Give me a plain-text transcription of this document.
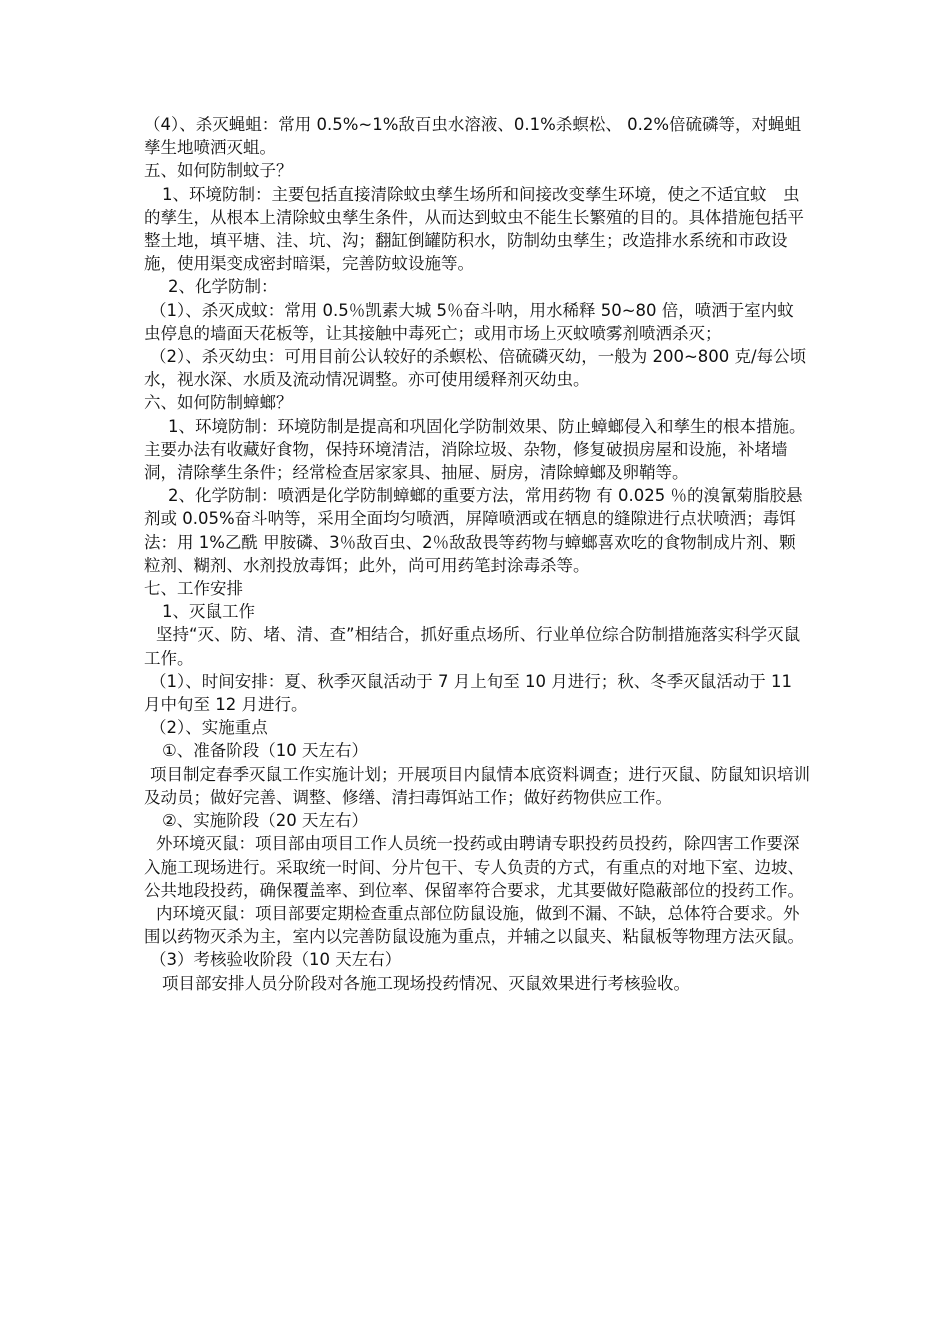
（4）、杀灭蝇蛆：常用 0.5%~1%敌百虫水溶液、0.1%杀螟松、 0.2%倍硫磷等，对蝇蛆孳生地喷洒灭蛆。

五、如何防制蚊子？

1、环境防制：主要包括直接清除蚊虫孳生场所和间接改变孳生环境，使之不适宜蚊　虫的孳生，从根本上清除蚊虫孳生条件，从而达到蚊虫不能生长繁殖的目的。具体措施包括平整土地，填平塘、洼、坑、沟；翻缸倒罐防积水，防制幼虫孳生；改造排水系统和市政设施，使用渠变成密封暗渠，完善防蚊设施等。

2、化学防制：

（1）、杀灭成蚊：常用 0.5％凯素大城 5％奋斗呐，用水稀释 50~80 倍，喷洒于室内蚊虫停息的墙面天花板等，让其接触中毒死亡；或用市场上灭蚊喷雾剂喷洒杀灭；

（2）、杀灭幼虫：可用目前公认较好的杀螟松、倍硫磷灭幼，一般为 200~800 克/每公顷水，视水深、水质及流动情况调整。亦可使用缓释剂灭幼虫。

六、如何防制蟑螂？

1、环境防制：环境防制是提高和巩固化学防制效果、防止蟑螂侵入和孳生的根本措施。主要办法有收藏好食物，保持环境清洁，消除垃圾、杂物，修复破损房屋和设施，补堵墙洞，清除孳生条件；经常检查居家家具、抽屉、厨房，清除蟑螂及卵鞘等。

2、化学防制：喷洒是化学防制蟑螂的重要方法，常用药物 有 0.025 ％的溴氰菊脂胶悬剂或 0.05%奋斗呐等，采用全面均匀喷洒，屏障喷洒或在牺息的缝隙进行点状喷洒；毒饵法：用 1%乙酰 甲胺磷、3％敌百虫、2％敌敌畏等药物与蟑螂喜欢吃的食物制成片剂、颗粒剂、糊剂、水剂投放毒饵；此外，尚可用药笔封涂毒杀等。

七、工作安排

1、灭鼠工作

坚持“灭、防、堵、清、查”相结合，抓好重点场所、行业单位综合防制措施落实科学灭鼠工作。

（1）、时间安排：夏、秋季灭鼠活动于 7 月上旬至 10 月进行；秋、冬季灭鼠活动于 11 月中旬至 12 月进行。

（2）、实施重点

①、准备阶段（10 天左右）

项目制定春季灭鼠工作实施计划；开展项目内鼠情本底资料调查；进行灭鼠、防鼠知识培训及动员；做好完善、调整、修缮、清扫毒饵站工作；做好药物供应工作。

②、实施阶段（20 天左右）

外环境灭鼠：项目部由项目工作人员统一投药或由聘请专职投药员投药，除四害工作要深入施工现场进行。采取统一时间、分片包干、专人负责的方式，有重点的对地下室、边坡、公共地段投药，确保覆盖率、到位率、保留率符合要求，尤其要做好隐蔽部位的投药工作。

内环境灭鼠：项目部要定期检查重点部位防鼠设施，做到不漏、不缺，总体符合要求。外围以药物灭杀为主，室内以完善防鼠设施为重点，并辅之以鼠夹、粘鼠板等物理方法灭鼠。

（3）考核验收阶段（10 天左右）

项目部安排人员分阶段对各施工现场投药情况、灭鼠效果进行考核验收。
